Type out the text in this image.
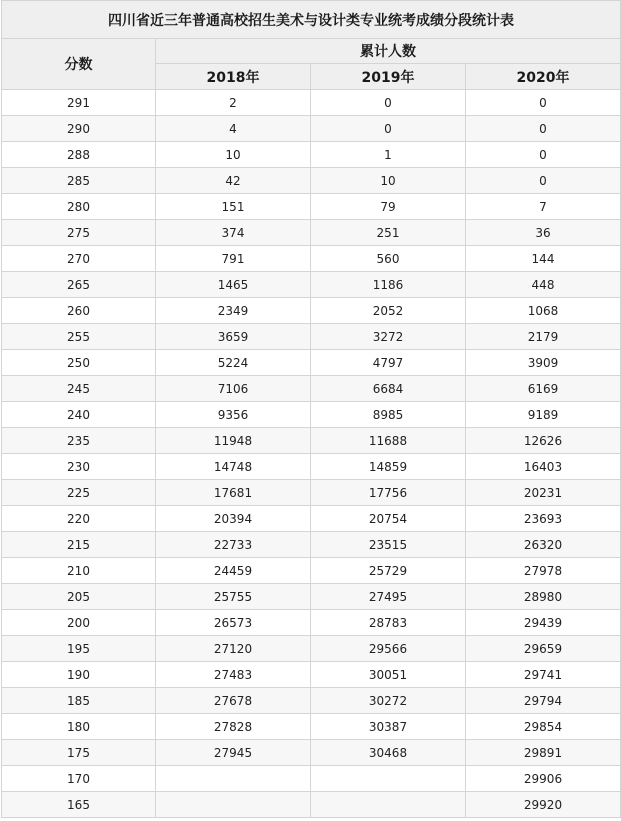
四川省近三年普通高校招生美术与设计类专业统考成绩分段统计表			
分数	累计人数		
	2018年	2019年	2020年
291	2	0	0
290	4	0	0
288	10	1	0
285	42	10	0
280	151	79	7
275	374	251	36
270	791	560	144
265	1465	1186	448
260	2349	2052	1068
255	3659	3272	2179
250	5224	4797	3909
245	7106	6684	6169
240	9356	8985	9189
235	11948	11688	12626
230	14748	14859	16403
225	17681	17756	20231
220	20394	20754	23693
215	22733	23515	26320
210	24459	25729	27978
205	25755	27495	28980
200	26573	28783	29439
195	27120	29566	29659
190	27483	30051	29741
185	27678	30272	29794
180	27828	30387	29854
175	27945	30468	29891
170			29906
165			29920
